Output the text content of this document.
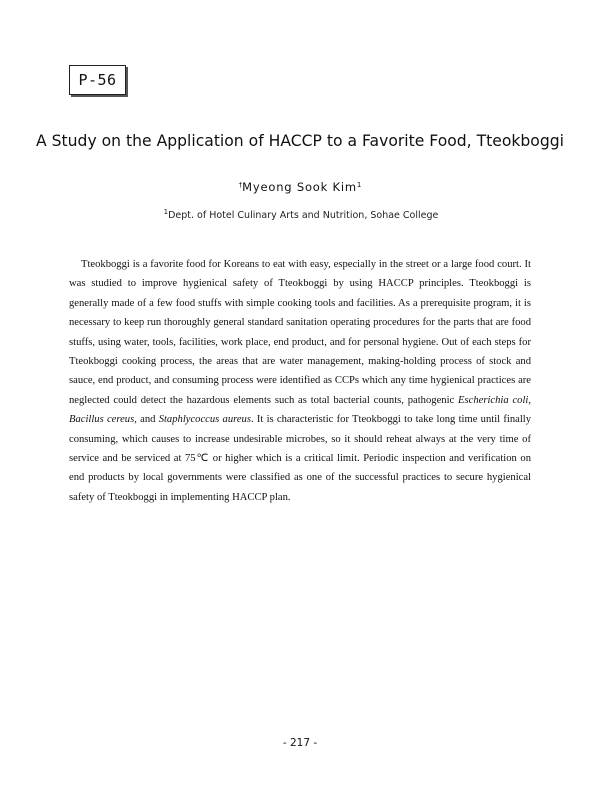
P-56
A Study on the Application of HACCP to a Favorite Food, Tteokboggi
†Myeong Sook Kim$^1$
$^1$Dept. of Hotel Culinary Arts and Nutrition, Sohae College

Tteokboggi is a favorite food for Koreans to eat with easy, especially in the street or a large food court. It was studied to improve hygienical safety of Tteokboggi by using HACCP principles. Tteokboggi is generally made of a few food stuffs with simple cooking tools and facilities. As a prerequisite program, it is necessary to keep run thoroughly general standard sanitation operating procedures for the parts that are food stuffs, using water, tools, facilities, work place, end product, and for personal hygiene. Out of each steps for Tteokboggi cooking process, the areas that are water management, making-holding process of stock and sauce, end product, and consuming process were identified as CCPs which any time hygienical practices are neglected could detect the hazardous elements such as total bacterial counts, pathogenic Escherichia coli, Bacillus cereus, and Staphlycoccus aureus. It is characteristic for Tteokboggi to take long time until finally consuming, which causes to increase undesirable microbes, so it should reheat always at the very time of service and be serviced at 75℃ or higher which is a critical limit. Periodic inspection and verification on end products by local governments were classified as one of the successful practices to secure hygienical safety of Tteokboggi in implementing HACCP plan.

- 217 -
